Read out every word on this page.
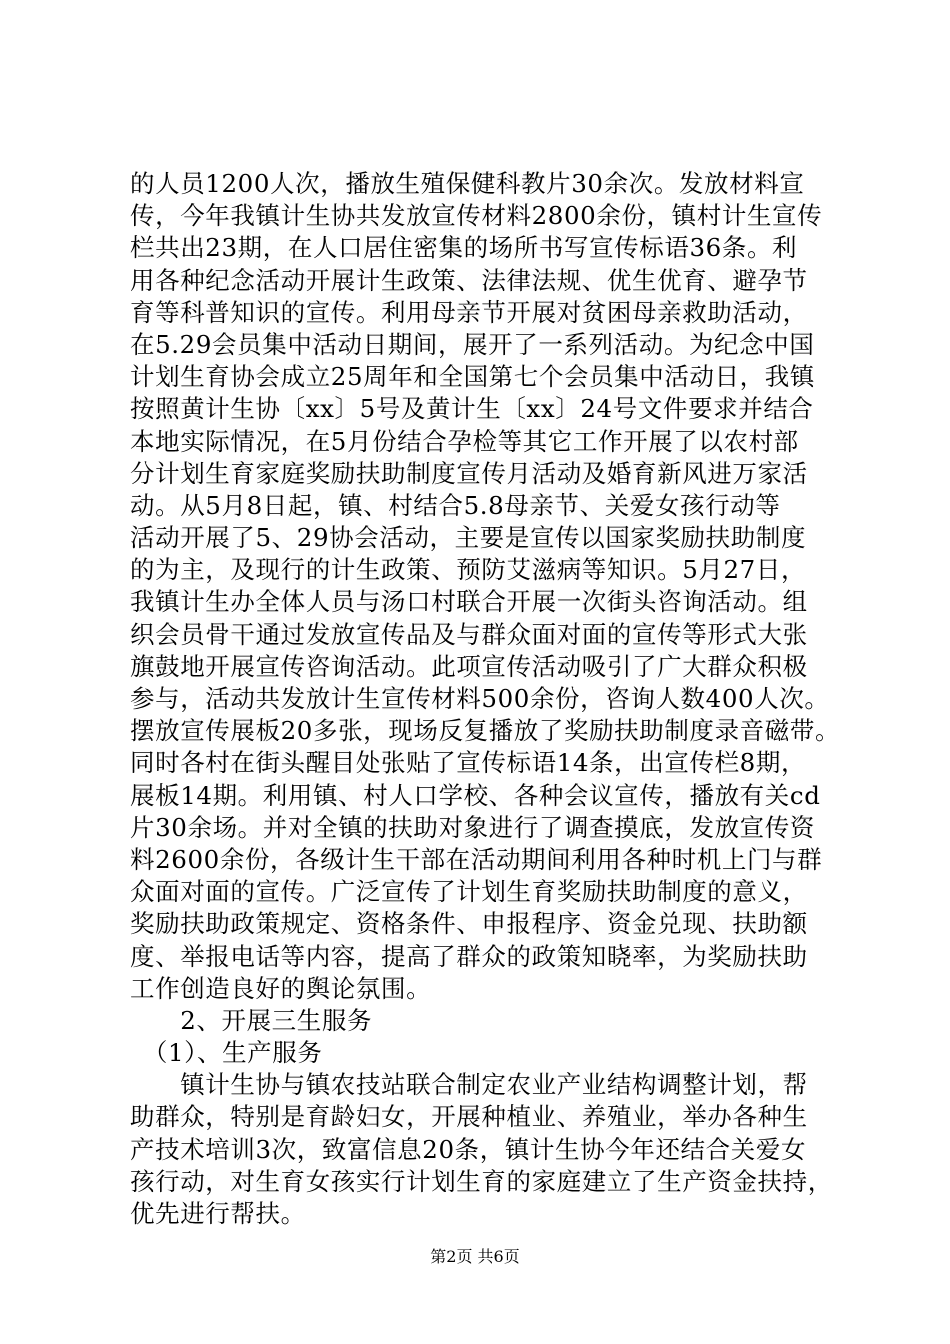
的人员1200人次，播放生殖保健科教片30余次。发放材料宣
传，今年我镇计生协共发放宣传材料2800余份，镇村计生宣传
栏共出23期，在人口居住密集的场所书写宣传标语36条。利
用各种纪念活动开展计生政策、法律法规、优生优育、避孕节
育等科普知识的宣传。利用母亲节开展对贫困母亲救助活动，
在5.29会员集中活动日期间，展开了一系列活动。为纪念中国
计划生育协会成立25周年和全国第七个会员集中活动日，我镇
按照黄计生协〔xx〕5号及黄计生〔xx〕24号文件要求并结合
本地实际情况，在5月份结合孕检等其它工作开展了以农村部
分计划生育家庭奖励扶助制度宣传月活动及婚育新风进万家活
动。从5月8日起，镇、村结合5.8母亲节、关爱女孩行动等
活动开展了5、29协会活动，主要是宣传以国家奖励扶助制度
的为主，及现行的计生政策、预防艾滋病等知识。5月27日，
我镇计生办全体人员与汤口村联合开展一次街头咨询活动。组
织会员骨干通过发放宣传品及与群众面对面的宣传等形式大张
旗鼓地开展宣传咨询活动。此项宣传活动吸引了广大群众积极
参与，活动共发放计生宣传材料500余份，咨询人数400人次。
摆放宣传展板20多张，现场反复播放了奖励扶助制度录音磁带。
同时各村在街头醒目处张贴了宣传标语14条，出宣传栏8期，
展板14期。利用镇、村人口学校、各种会议宣传，播放有关cd
片30余场。并对全镇的扶助对象进行了调查摸底，发放宣传资
料2600余份，各级计生干部在活动期间利用各种时机上门与群
众面对面的宣传。广泛宣传了计划生育奖励扶助制度的意义，
奖励扶助政策规定、资格条件、申报程序、资金兑现、扶助额
度、举报电话等内容，提高了群众的政策知晓率，为奖励扶助
工作创造良好的舆论氛围。
　　2、开展三生服务
　（1）、生产服务
　　镇计生协与镇农技站联合制定农业产业结构调整计划，帮
助群众，特别是育龄妇女，开展种植业、养殖业，举办各种生
产技术培训3次，致富信息20条，镇计生协今年还结合关爱女
孩行动，对生育女孩实行计划生育的家庭建立了生产资金扶持，
优先进行帮扶。
第2页 共6页
